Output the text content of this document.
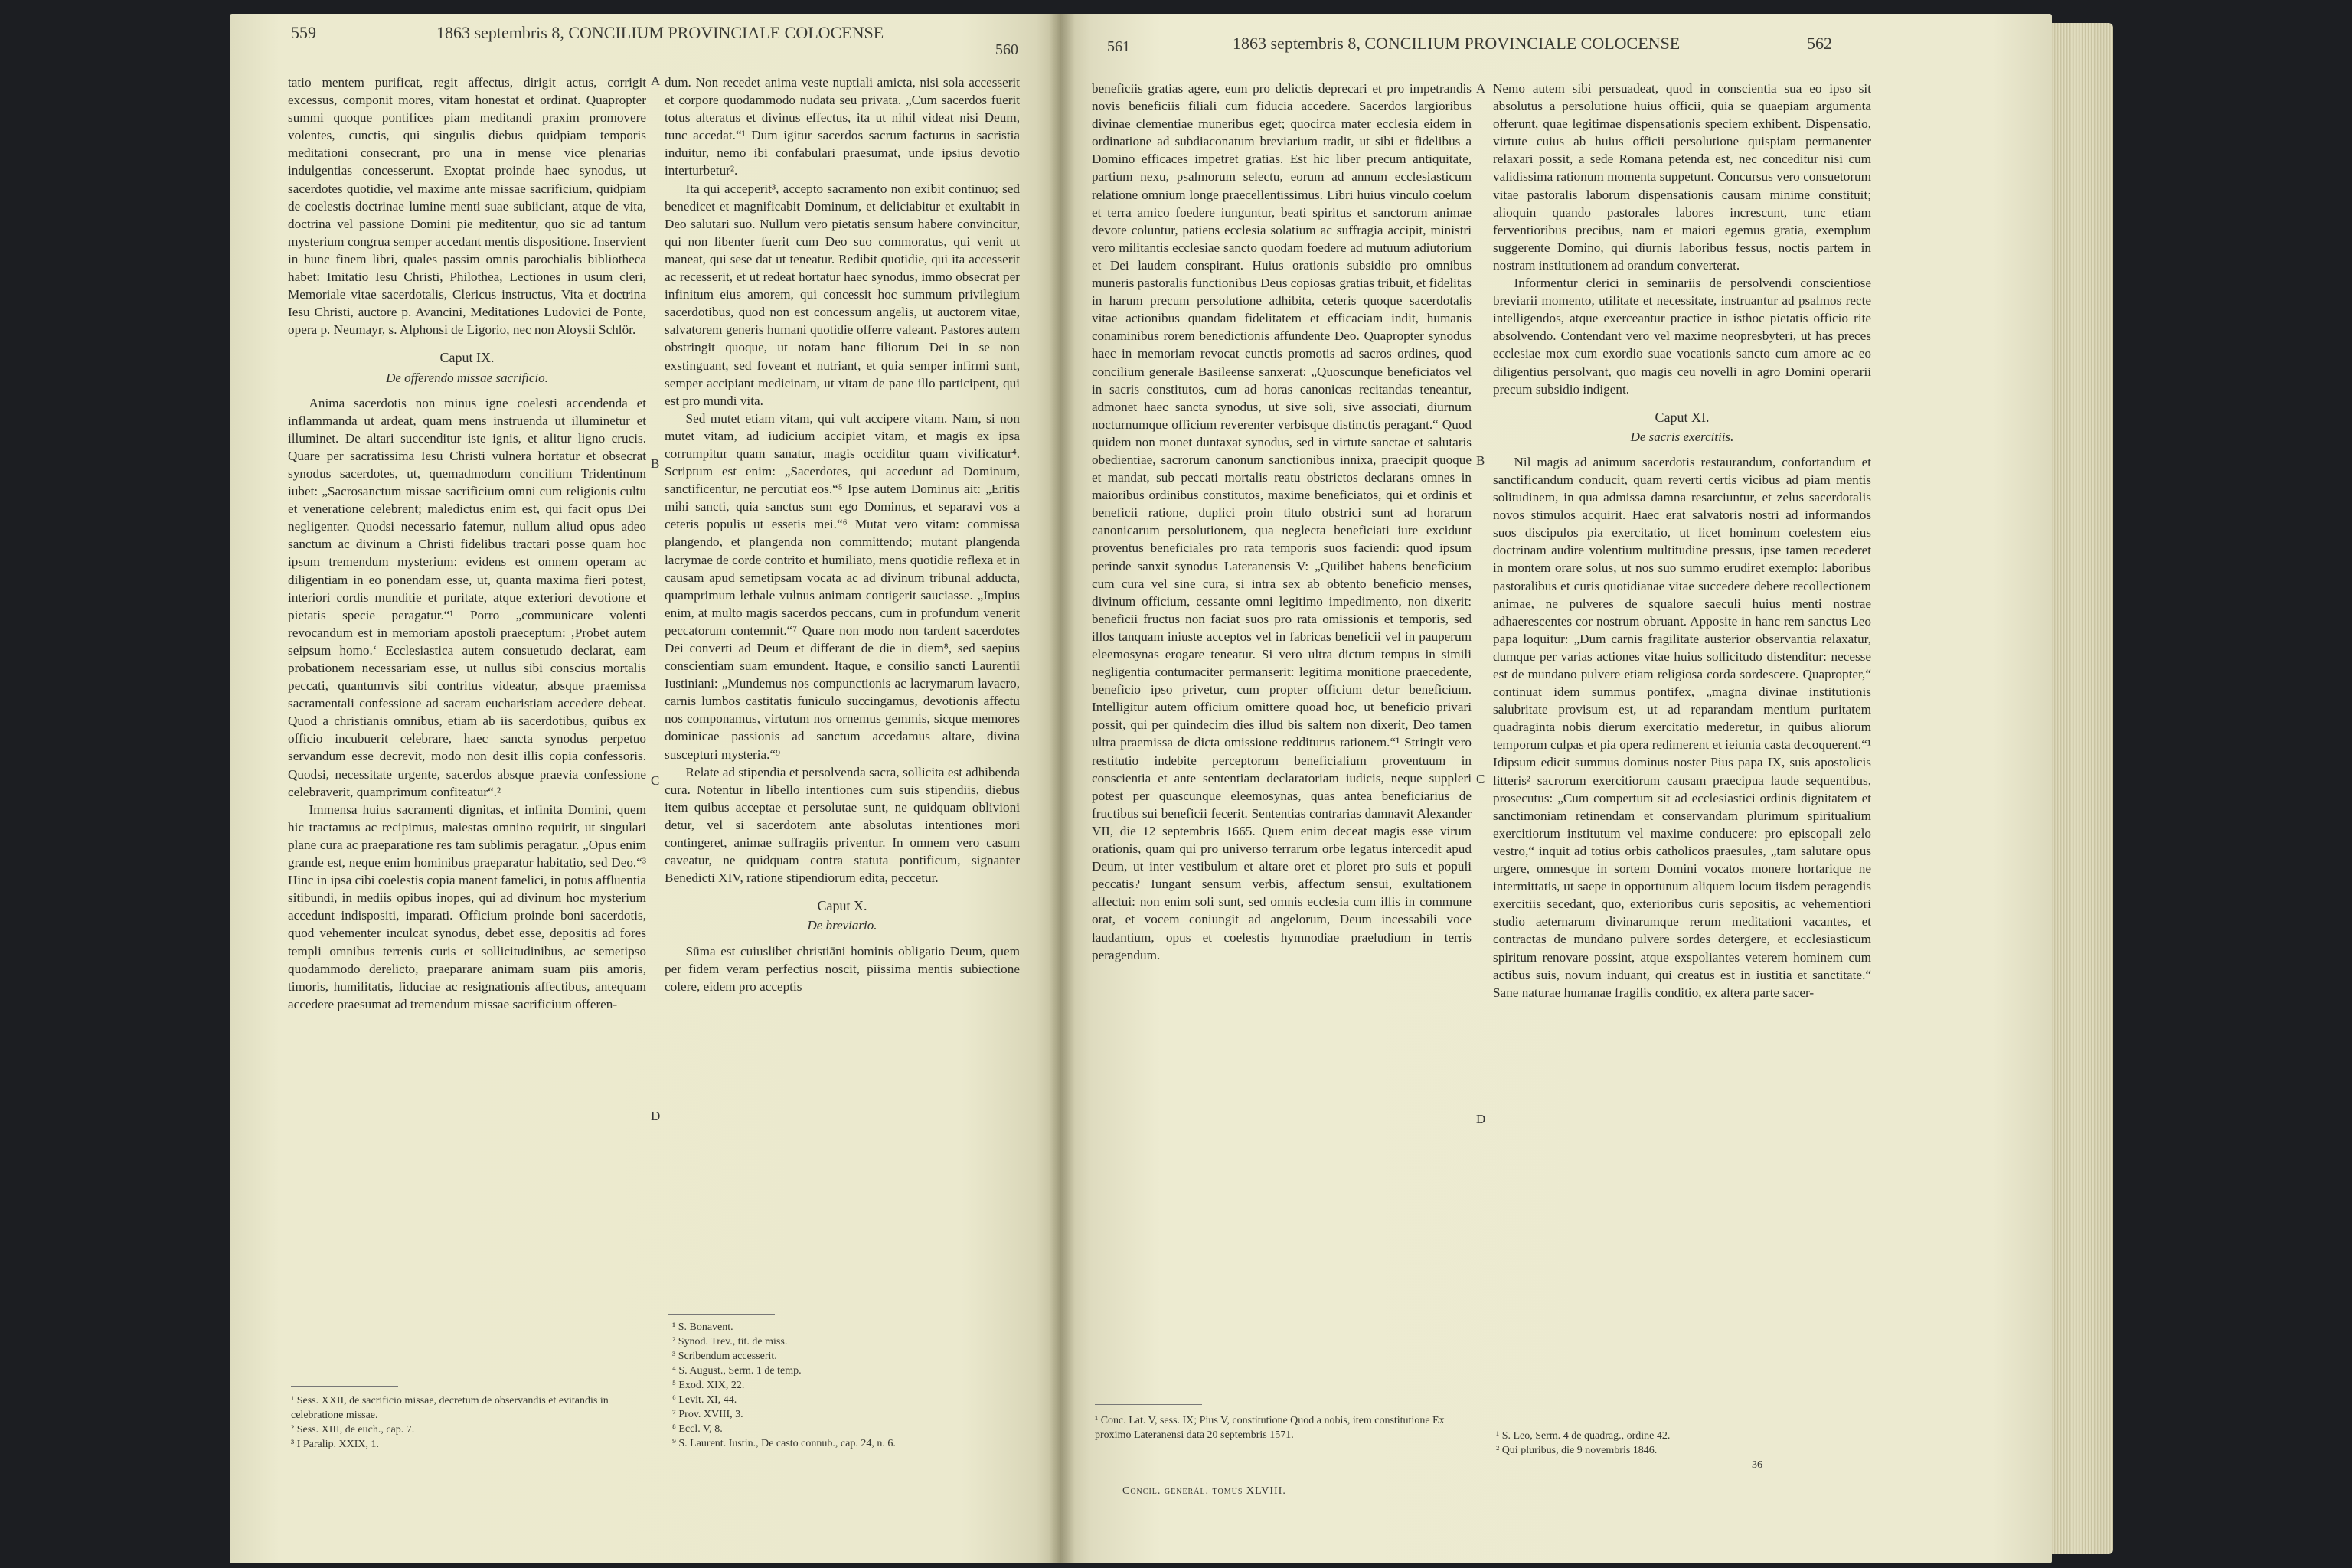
559	1863 septembris 8, CONCILIUM PROVINCIALE COLOCENSE
560

tatio mentem purificat, regit affectus, dirigit actus, corrigit excessus, componit mores, vitam honestat et ordinat. Quapropter summi quoque pontifices piam meditandi praxim promovere volentes, cunctis, qui singulis diebus quidpiam temporis meditationi consecrant, pro una in mense vice plenarias indulgentias concesserunt. Exoptat proinde haec synodus, ut sacerdotes quotidie, vel maxime ante missae sacrificium, quidpiam de coelestis doctrinae lumine menti suae subiiciant, atque de vita, doctrina vel passione Domini pie meditentur, quo sic ad tantum mysterium congrua semper accedant mentis dispositione. Inservient in hunc finem libri, quales passim omnis parochialis bibliotheca habet: Imitatio Iesu Christi, Philothea, Lectiones in usum cleri, Memoriale vitae sacerdotalis, Clericus instructus, Vita et doctrina Iesu Christi, auctore p. Avancini, Meditationes Ludovici de Ponte, opera p. Neumayr, s. Alphonsi de Ligorio, nec non Aloysii Schlör.

Caput IX.
De offerendo missae sacrificio.

Anima sacerdotis non minus igne coelesti accendenda et inflammanda ut ardeat, quam mens instruenda ut illuminetur et illuminet. De altari succenditur iste ignis, et alitur ligno crucis. Quare per sacratissima Iesu Christi vulnera hortatur et obsecrat synodus sacerdotes, ut, quemadmodum concilium Tridentinum iubet: „Sacrosanctum missae sacrificium omni cum religionis cultu et veneratione celebrent; maledictus enim est, qui facit opus Dei negligenter. Quodsi necessario fatemur, nullum aliud opus adeo sanctum ac divinum a Christi fidelibus tractari posse quam hoc ipsum tremendum mysterium: evidens est omnem operam ac diligentiam in eo ponendam esse, ut, quanta maxima fieri potest, interiori cordis munditie et puritate, atque exteriori devotione et pietatis specie peragatur.“¹ Porro „communicare volenti revocandum est in memoriam apostoli praeceptum: ‚Probet autem seipsum homo.‘ Ecclesiastica autem consuetudo declarat, eam probationem necessariam esse, ut nullus sibi conscius mortalis peccati, quantumvis sibi contritus videatur, absque praemissa sacramentali confessione ad sacram eucharistiam accedere debeat. Quod a christianis omnibus, etiam ab iis sacerdotibus, quibus ex officio incubuerit celebrare, haec sancta synodus perpetuo servandum esse decrevit, modo non desit illis copia confessoris. Quodsi, necessitate urgente, sacerdos absque praevia confessione celebraverit, quamprimum confiteatur“.²

Immensa huius sacramenti dignitas, et infinita Domini, quem hic tractamus ac recipimus, maiestas omnino requirit, ut singulari plane cura ac praeparatione res tam sublimis peragatur. „Opus enim grande est, neque enim hominibus praeparatur habitatio, sed Deo.“³ Hinc in ipsa cibi coelestis copia manent famelici, in potus affluentia sitibundi, in mediis opibus inopes, qui ad divinum hoc mysterium accedunt indispositi, imparati. Officium proinde boni sacerdotis, quod vehementer inculcat synodus, debet esse, depositis ad fores templi omnibus terrenis curis et sollicitudinibus, ac semetipso quodammodo derelicto, praeparare animam suam piis amoris, timoris, humilitatis, fiduciae ac resignationis affectibus, antequam accedere praesumat ad tremendum missae sacrificium offeren-

A
B
C
D

dum. Non recedet anima veste nuptiali amicta, nisi sola accesserit et corpore quodammodo nudata seu privata. „Cum sacerdos fuerit totus alteratus et divinus effectus, ita ut nihil videat nisi Deum, tunc accedat.“¹ Dum igitur sacerdos sacrum facturus in sacristia induitur, nemo ibi confabulari praesumat, unde ipsius devotio interturbetur².

Ita qui acceperit³, accepto sacramento non exibit continuo; sed benedicet et magnificabit Dominum, et deliciabitur et exultabit in Deo salutari suo. Nullum vero pietatis sensum habere convincitur, qui non libenter fuerit cum Deo suo commoratus, qui venit ut maneat, qui sese dat ut teneatur. Redibit quotidie, qui ita accesserit ac recesserit, et ut redeat hortatur haec synodus, immo obsecrat per infinitum eius amorem, qui concessit hoc summum privilegium sacerdotibus, quod non est concessum angelis, ut auctorem vitae, salvatorem generis humani quotidie offerre valeant. Pastores autem obstringit quoque, ut notam hanc filiorum Dei in se non exstinguant, sed foveant et nutriant, et quia semper infirmi sunt, semper accipiant medicinam, ut vitam de pane illo participent, qui est pro mundi vita.

Sed mutet etiam vitam, qui vult accipere vitam. Nam, si non mutet vitam, ad iudicium accipiet vitam, et magis ex ipsa corrumpitur quam sanatur, magis occiditur quam vivificatur⁴. Scriptum est enim: „Sacerdotes, qui accedunt ad Dominum, sanctificentur, ne percutiat eos.“⁵ Ipse autem Dominus ait: „Eritis mihi sancti, quia sanctus sum ego Dominus, et separavi vos a ceteris populis ut essetis mei.“⁶ Mutat vero vitam: commissa plangendo, et plangenda non committendo; mutant plangenda lacrymae de corde contrito et humiliato, mens quotidie reflexa et in causam apud semetipsam vocata ac ad divinum tribunal adducta, quamprimum lethale vulnus animam contigerit sauciasse. „Impius enim, at multo magis sacerdos peccans, cum in profundum venerit peccatorum contemnit.“⁷ Quare non modo non tardent sacerdotes Dei converti ad Deum et differant de die in diem⁸, sed saepius conscientiam suam emundent. Itaque, e consilio sancti Laurentii Iustiniani: „Mundemus nos compunctionis ac lacrymarum lavacro, carnis lumbos castitatis funiculo succingamus, devotionis affectu nos componamus, virtutum nos ornemus gemmis, sicque memores dominicae passionis ad sanctum accedamus altare, divina suscepturi mysteria.“⁹

Relate ad stipendia et persolvenda sacra, sollicita est adhibenda cura. Notentur in libello intentiones cum suis stipendiis, diebus item quibus acceptae et persolutae sunt, ne quidquam oblivioni detur, vel si sacerdotem ante absolutas intentiones mori contingeret, animae suffragiis priventur. In omnem vero casum caveatur, ne quidquam contra statuta pontificum, signanter Benedicti XIV, ratione stipendiorum edita, peccetur.

Caput X.
De breviario.

Sūma est cuiuslibet christiāni hominis obligatio Deum, quem per fidem veram perfectius noscit, piissima mentis subiectione colere, eidem pro acceptis

¹ Sess. XXII, de sacrificio missae, decretum de observandis et evitandis in celebratione missae.
² Sess. XIII, de euch., cap. 7.
³ I Paralip. XXIX, 1.
¹ S. Bonavent.
² Synod. Trev., tit. de miss.
³ Scribendum accesserit.
⁴ S. August., Serm. 1 de temp.
⁵ Exod. XIX, 22.
⁶ Levit. XI, 44.
⁷ Prov. XVIII, 3.
⁸ Eccl. V, 8.
⁹ S. Laurent. Iustin., De casto connub., cap. 24, n. 6.
561	1863 septembris 8, CONCILIUM PROVINCIALE COLOCENSE	562

beneficiis gratias agere, eum pro delictis deprecari et pro impetrandis novis beneficiis filiali cum fiducia accedere. Sacerdos largioribus divinae clementiae muneribus eget; quocirca mater ecclesia eidem in ordinatione ad subdiaconatum breviarium tradit, ut sibi et fidelibus a Domino efficaces impetret gratias. Est hic liber precum antiquitate, partium nexu, psalmorum selectu, eorum ad annum ecclesiasticum relatione omnium longe praecellentissimus. Libri huius vinculo coelum et terra amico foedere iunguntur, beati spiritus et sanctorum animae devote coluntur, patiens ecclesia solatium ac suffragia accipit, ministri vero militantis ecclesiae sancto quodam foedere ad mutuum adiutorium et Dei laudem conspirant. Huius orationis subsidio pro omnibus muneris pastoralis functionibus Deus copiosas gratias tribuit, et fidelitas in harum precum persolutione adhibita, ceteris quoque sacerdotalis vitae actionibus quandam fidelitatem et efficaciam indit, humanis conaminibus rorem benedictionis affundente Deo. Quapropter synodus haec in memoriam revocat cunctis promotis ad sacros ordines, quod concilium generale Basileense sanxerat: „Quoscunque beneficiatos vel in sacris constitutos, cum ad horas canonicas recitandas teneantur, admonet haec sancta synodus, ut sive soli, sive associati, diurnum nocturnumque officium reverenter verbisque distinctis peragant.“ Quod quidem non monet duntaxat synodus, sed in virtute sanctae et salutaris obedientiae, sacrorum canonum sanctionibus innixa, praecipit quoque et mandat, sub peccati mortalis reatu obstrictos declarans omnes in maioribus ordinibus constitutos, maxime beneficiatos, qui et ordinis et beneficii ratione, duplici proin titulo obstrici sunt ad horarum canonicarum persolutionem, qua neglecta beneficiati iure excidunt proventus beneficiales pro rata temporis suos faciendi: quod ipsum perinde sanxit synodus Lateranensis V: „Quilibet habens beneficium cum cura vel sine cura, si intra sex ab obtento beneficio menses, divinum officium, cessante omni legitimo impedimento, non dixerit: beneficii fructus non faciat suos pro rata omissionis et temporis, sed illos tanquam iniuste acceptos vel in fabricas beneficii vel in pauperum eleemosynas erogare teneatur. Si vero ultra dictum tempus in simili negligentia contumaciter permanserit: legitima monitione praecedente, beneficio ipso privetur, cum propter officium detur beneficium. Intelligitur autem officium omittere quoad hoc, ut beneficio privari possit, qui per quindecim dies illud bis saltem non dixerit, Deo tamen ultra praemissa de dicta omissione redditurus rationem.“¹ Stringit vero restitutio indebite perceptorum beneficialium proventuum in conscientia et ante sententiam declaratoriam iudicis, neque suppleri potest per quascunque eleemosynas, quas antea beneficiarius de fructibus sui beneficii fecerit. Sententias contrarias damnavit Alexander VII, die 12 septembris 1665. Quem enim deceat magis esse virum orationis, quam qui pro universo terrarum orbe legatus intercedit apud Deum, ut inter vestibulum et altare oret et ploret pro suis et populi peccatis? Iungant sensum verbis, affectum sensui, exultationem affectui: non enim soli sunt, sed omnis ecclesia cum illis in commune orat, et vocem coniungit ad angelorum, Deum incessabili voce laudantium, opus et coelestis hymnodiae praeludium in terris peragendum.

A
B
C
D

Nemo autem sibi persuadeat, quod in conscientia sua eo ipso sit absolutus a persolutione huius officii, quia se quaepiam argumenta offerunt, quae legitimae dispensationis speciem exhibent. Dispensatio, virtute cuius ab huius officii persolutione quispiam permanenter relaxari possit, a sede Romana petenda est, nec conceditur nisi cum validissima rationum momenta suppetunt. Concursus vero consuetorum vitae pastoralis laborum dispensationis causam minime constituit; alioquin quando pastorales labores increscunt, tunc etiam ferventioribus precibus, nam et maiori egemus gratia, exemplum suggerente Domino, qui diurnis laboribus fessus, noctis partem in nostram institutionem ad orandum converterat.

Informentur clerici in seminariis de persolvendi conscientiose breviarii momento, utilitate et necessitate, instruantur ad psalmos recte intelligendos, atque exerceantur practice in isthoc pietatis officio rite absolvendo. Contendant vero vel maxime neopresbyteri, ut has preces ecclesiae mox cum exordio suae vocationis sancto cum amore ac eo diligentius persolvant, quo magis ceu novelli in agro Domini operarii precum subsidio indigent.

Caput XI.
De sacris exercitiis.

Nil magis ad animum sacerdotis restaurandum, confortandum et sanctificandum conducit, quam reverti certis vicibus ad piam mentis solitudinem, in qua admissa damna resarciuntur, et zelus sacerdotalis novos stimulos acquirit. Haec erat salvatoris nostri ad informandos suos discipulos pia exercitatio, ut licet hominum coelestem eius doctrinam audire volentium multitudine pressus, ipse tamen recederet in montem orare solus, ut nos suo summo erudiret exemplo: laboribus pastoralibus et curis quotidianae vitae succedere debere recollectionem animae, ne pulveres de squalore saeculi huius menti nostrae adhaerescentes cor nostrum obruant. Apposite in hanc rem sanctus Leo papa loquitur: „Dum carnis fragilitate austerior observantia relaxatur, dumque per varias actiones vitae huius sollicitudo distenditur: necesse est de mundano pulvere etiam religiosa corda sordescere. Quapropter,“ continuat idem summus pontifex, „magna divinae institutionis salubritate provisum est, ut ad reparandam mentium puritatem quadraginta nobis dierum exercitatio mederetur, in quibus aliorum temporum culpas et pia opera redimerent et ieiunia casta decoquerent.“¹ Idipsum edicit summus dominus noster Pius papa IX, suis apostolicis litteris² sacrorum exercitiorum causam praecipua laude sequentibus, prosecutus: „Cum compertum sit ad ecclesiastici ordinis dignitatem et sanctimoniam retinendam et conservandam plurimum spiritualium exercitiorum institutum vel maxime conducere: pro episcopali zelo vestro,“ inquit ad totius orbis catholicos praesules, „tam salutare opus urgere, omnesque in sortem Domini vocatos monere hortarique ne intermittatis, ut saepe in opportunum aliquem locum iisdem peragendis exercitiis secedant, quo, exterioribus curis sepositis, ac vehementiori studio aeternarum divinarumque rerum meditationi vacantes, et contractas de mundano pulvere sordes detergere, et ecclesiasticum spiritum renovare possint, atque exspoliantes veterem hominem cum actibus suis, novum induant, qui creatus est in iustitia et sanctitate.“ Sane naturae humanae fragilis conditio, ex altera parte sacer-

¹ Conc. Lat. V, sess. IX; Pius V, constitutione Quod a nobis, item constitutione Ex proximo Lateranensi data 20 septembris 1571.
Concil. generál. tomus XLVIII.
¹ S. Leo, Serm. 4 de quadrag., ordine 42.
² Qui pluribus, die 9 novembris 1846.
36
